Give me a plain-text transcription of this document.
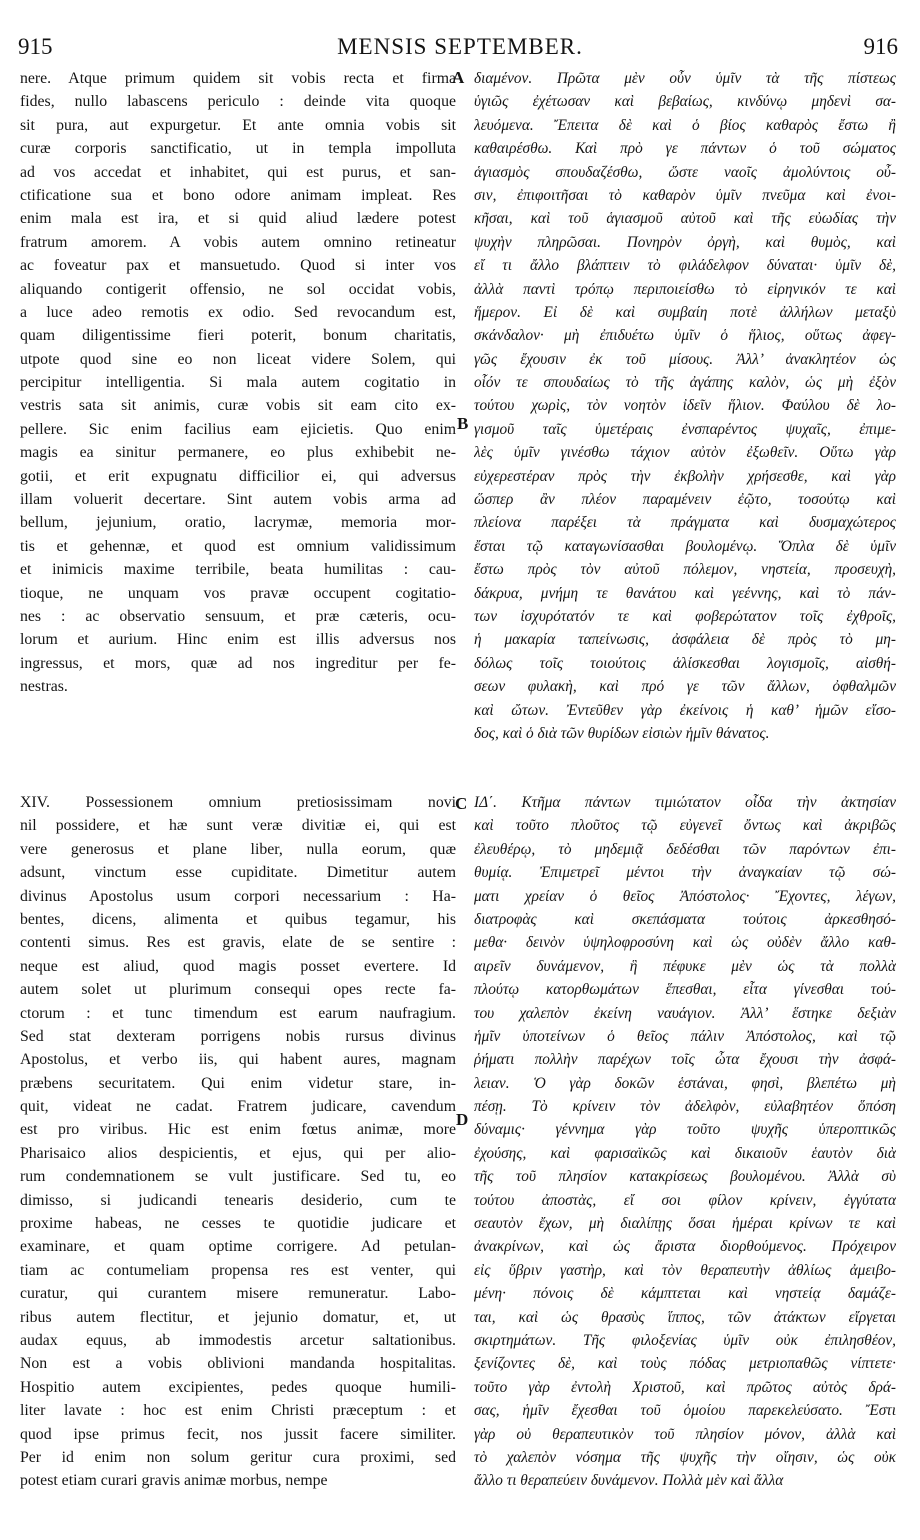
915	MENSIS SEPTEMBER.	916
nere. Atque primum quidem sit vobis recta et firma
fides, nullo labascens periculo : deinde vita quoque
sit pura, aut expurgetur. Et ante omnia vobis sit
curæ corporis sanctificatio, ut in templa impolluta
ad vos accedat et inhabitet, qui est purus, et san-
ctificatione sua et bono odore animam impleat. Res
enim mala est ira, et si quid aliud lædere potest
fratrum amorem. A vobis autem omnino retineatur
ac foveatur pax et mansuetudo. Quod si inter vos
aliquando contigerit offensio, ne sol occidat vobis,
a luce adeo remotis ex odio. Sed revocandum est,
quam diligentissime fieri poterit, bonum charitatis,
utpote quod sine eo non liceat videre Solem, qui
percipitur intelligentia. Si mala autem cogitatio in
vestris sata sit animis, curæ vobis sit eam cito ex-
pellere. Sic enim facilius eam ejicietis. Quo enim
magis ea sinitur permanere, eo plus exhibebit ne-
gotii, et erit expugnatu difficilior ei, qui adversus
illam voluerit decertare. Sint autem vobis arma ad
bellum, jejunium, oratio, lacrymæ, memoria mor-
tis et gehennæ, et quod est omnium validissimum
et inimicis maxime terribile, beata humilitas : cau-
tioque, ne unquam vos pravæ occupent cogitatio-
nes : ac observatio sensuum, et præ cæteris, ocu-
lorum et aurium. Hinc enim est illis adversus nos
ingressus, et mors, quæ ad nos ingreditur per fe-
nestras.
διαμένον. Πρῶτα μὲν οὖν ὑμῖν τὰ τῆς πίστεως
ὑγιῶς ἐχέτωσαν καὶ βεβαίως, κινδύνῳ μηδενὶ σα-
λευόμενα. Ἔπειτα δὲ καὶ ὁ βίος καθαρὸς ἔστω ἢ
καθαιρέσθω. Καὶ πρὸ γε πάντων ὁ τοῦ σώματος
ἁγιασμὸς σπουδαζέσθω, ὥστε ναοῖς ἀμολύντοις οὖ-
σιν, ἐπιφοιτῆσαι τὸ καθαρὸν ὑμῖν πνεῦμα καὶ ἐνοι-
κῆσαι, καὶ τοῦ ἁγιασμοῦ αὐτοῦ καὶ τῆς εὐωδίας τὴν
ψυχὴν πληρῶσαι. Πονηρὸν ὀργὴ, καὶ θυμὸς, καὶ
εἴ τι ἄλλο βλάπτειν τὸ φιλάδελφον δύναται· ὑμῖν δὲ,
ἀλλὰ παντὶ τρόπῳ περιποιείσθω τὸ εἰρηνικόν τε καὶ
ἥμερον. Εἰ δὲ καὶ συμβαίη ποτὲ ἀλλήλων μεταξὺ
σκάνδαλον· μὴ ἐπιδυέτω ὑμῖν ὁ ἥλιος, οὕτως ἀφεγ-
γῶς ἔχουσιν ἐκ τοῦ μίσους. Ἀλλ’ ἀνακλητέον ὡς
οἷόν τε σπουδαίως τὸ τῆς ἀγάπης καλὸν, ὡς μὴ ἐξὸν
τούτου χωρὶς, τὸν νοητὸν ἰδεῖν ἥλιον. Φαύλου δὲ λο-
γισμοῦ ταῖς ὑμετέραις ἐνσπαρέντος ψυχαῖς, ἐπιμε-
λὲς ὑμῖν γινέσθω τάχιον αὐτὸν ἐξωθεῖν. Οὕτω γὰρ
εὐχερεστέραν πρὸς τὴν ἐκβολὴν χρήσεσθε, καὶ γὰρ
ὥσπερ ἂν πλέον παραμένειν ἐῷτο, τοσούτῳ καὶ
πλείονα παρέξει τὰ πράγματα καὶ δυσμαχώτερος
ἔσται τῷ καταγωνίσασθαι βουλομένῳ. Ὅπλα δὲ ὑμῖν
ἔστω πρὸς τὸν αὐτοῦ πόλεμον, νηστεία, προσευχὴ,
δάκρυα, μνήμη τε θανάτου καὶ γεέννης, καὶ τὸ πάν-
των ἰσχυρότατόν τε καὶ φοβερώτατον τοῖς ἐχθροῖς,
ἡ μακαρία ταπείνωσις, ἀσφάλεια δὲ πρὸς τὸ μη-
δόλως τοῖς τοιούτοις ἁλίσκεσθαι λογισμοῖς, αἰσθή-
σεων φυλακὴ, καὶ πρό γε τῶν ἄλλων, ὀφθαλμῶν
καὶ ὤτων. Ἐντεῦθεν γὰρ ἐκείνοις ἡ καθ’ ἡμῶν εἴσο-
δος, καὶ ὁ διὰ τῶν θυρίδων εἰσιὼν ἡμῖν θάνατος.
XIV. Possessionem omnium pretiosissimam novi
nil possidere, et hæ sunt veræ divitiæ ei, qui est
vere generosus et plane liber, nulla eorum, quæ
adsunt, vinctum esse cupiditate. Dimetitur autem
divinus Apostolus usum corpori necessarium : Ha-
bentes, dicens, alimenta et quibus tegamur, his
contenti simus. Res est gravis, elate de se sentire :
neque est aliud, quod magis posset evertere. Id
autem solet ut plurimum consequi opes recte fa-
ctorum : et tunc timendum est earum naufragium.
Sed stat dexteram porrigens nobis rursus divinus
Apostolus, et verbo iis, qui habent aures, magnam
præbens securitatem. Qui enim videtur stare, in-
quit, videat ne cadat. Fratrem judicare, cavendum
est pro viribus. Hic est enim fœtus animæ, more
Pharisaico alios despicientis, et ejus, qui per alio-
rum condemnationem se vult justificare. Sed tu, eo
dimisso, si judicandi tenearis desiderio, cum te
proxime habeas, ne cesses te quotidie judicare et
examinare, et quam optime corrigere. Ad petulan-
tiam ac contumeliam propensa res est venter, qui
curatur, qui curantem misere remuneratur. Labo-
ribus autem flectitur, et jejunio domatur, et, ut
audax equus, ab immodestis arcetur saltationibus.
Non est a vobis oblivioni mandanda hospitalitas.
Hospitio autem excipientes, pedes quoque humili-
liter lavate : hoc est enim Christi præceptum : et
quod ipse primus fecit, nos jussit facere similiter.
Per id enim non solum geritur cura proximi, sed
potest etiam curari gravis animæ morbus, nempe
ΙΔ΄. Κτῆμα πάντων τιμιώτατον οἶδα τὴν ἀκτησίαν
καὶ τοῦτο πλοῦτος τῷ εὐγενεῖ ὄντως καὶ ἀκριβῶς
ἐλευθέρῳ, τὸ μηδεμιᾷ δεδέσθαι τῶν παρόντων ἐπι-
θυμίᾳ. Ἐπιμετρεῖ μέντοι τὴν ἀναγκαίαν τῷ σώ-
ματι χρείαν ὁ θεῖος Ἀπόστολος· Ἔχοντες, λέγων,
διατροφὰς καὶ σκεπάσματα τούτοις ἀρκεσθησό-
μεθα· δεινὸν ὑψηλοφροσύνη καὶ ὡς οὐδὲν ἄλλο καθ-
αιρεῖν δυνάμενον, ἣ πέφυκε μὲν ὡς τὰ πολλὰ
πλούτῳ κατορθωμάτων ἕπεσθαι, εἶτα γίνεσθαι τού-
του χαλεπὸν ἐκείνη ναυάγιον. Ἀλλ’ ἕστηκε δεξιὰν
ἡμῖν ὑποτείνων ὁ θεῖος πάλιν Ἀπόστολος, καὶ τῷ
ῥήματι πολλὴν παρέχων τοῖς ὦτα ἔχουσι τὴν ἀσφά-
λειαν. Ὁ γὰρ δοκῶν ἑστάναι, φησὶ, βλεπέτω μὴ
πέσῃ. Τὸ κρίνειν τὸν ἀδελφὸν, εὐλαβητέον ὅπόση
δύναμις· γέννημα γὰρ τοῦτο ψυχῆς ὑπεροπτικῶς
ἐχούσης, καὶ φαρισαϊκῶς καὶ δικαιοῦν ἑαυτὸν διὰ
τῆς τοῦ πλησίον κατακρίσεως βουλομένου. Ἀλλὰ σὺ
τούτου ἀποστὰς, εἴ σοι φίλον κρίνειν, ἐγγύτατα
σεαυτὸν ἔχων, μὴ διαλίπῃς ὅσαι ἡμέραι κρίνων τε καὶ
ἀνακρίνων, καὶ ὡς ἄριστα διορθούμενος. Πρόχειρον
εἰς ὕβριν γαστὴρ, καὶ τὸν θεραπευτὴν ἀθλίως ἀμειβο-
μένη· πόνοις δὲ κάμπτεται καὶ νηστείᾳ δαμάζε-
ται, καὶ ὡς θρασὺς ἵππος, τῶν ἀτάκτων εἴργεται
σκιρτημάτων. Τῆς φιλοξενίας ὑμῖν οὐκ ἐπιλησθέον,
ξενίζοντες δὲ, καὶ τοὺς πόδας μετριοπαθῶς νίπτετε·
τοῦτο γὰρ ἐντολὴ Χριστοῦ, καὶ πρῶτος αὐτὸς δρά-
σας, ἡμῖν ἔχεσθαι τοῦ ὁμοίου παρεκελεύσατο. Ἔστι
γὰρ οὐ θεραπευτικὸν τοῦ πλησίον μόνον, ἀλλὰ καὶ
τὸ χαλεπὸν νόσημα τῆς ψυχῆς τὴν οἴησιν, ὡς οὐκ
ἄλλο τι θεραπεύειν δυνάμενον. Πολλὰ μὲν καὶ ἄλλα
A
B
C
D
